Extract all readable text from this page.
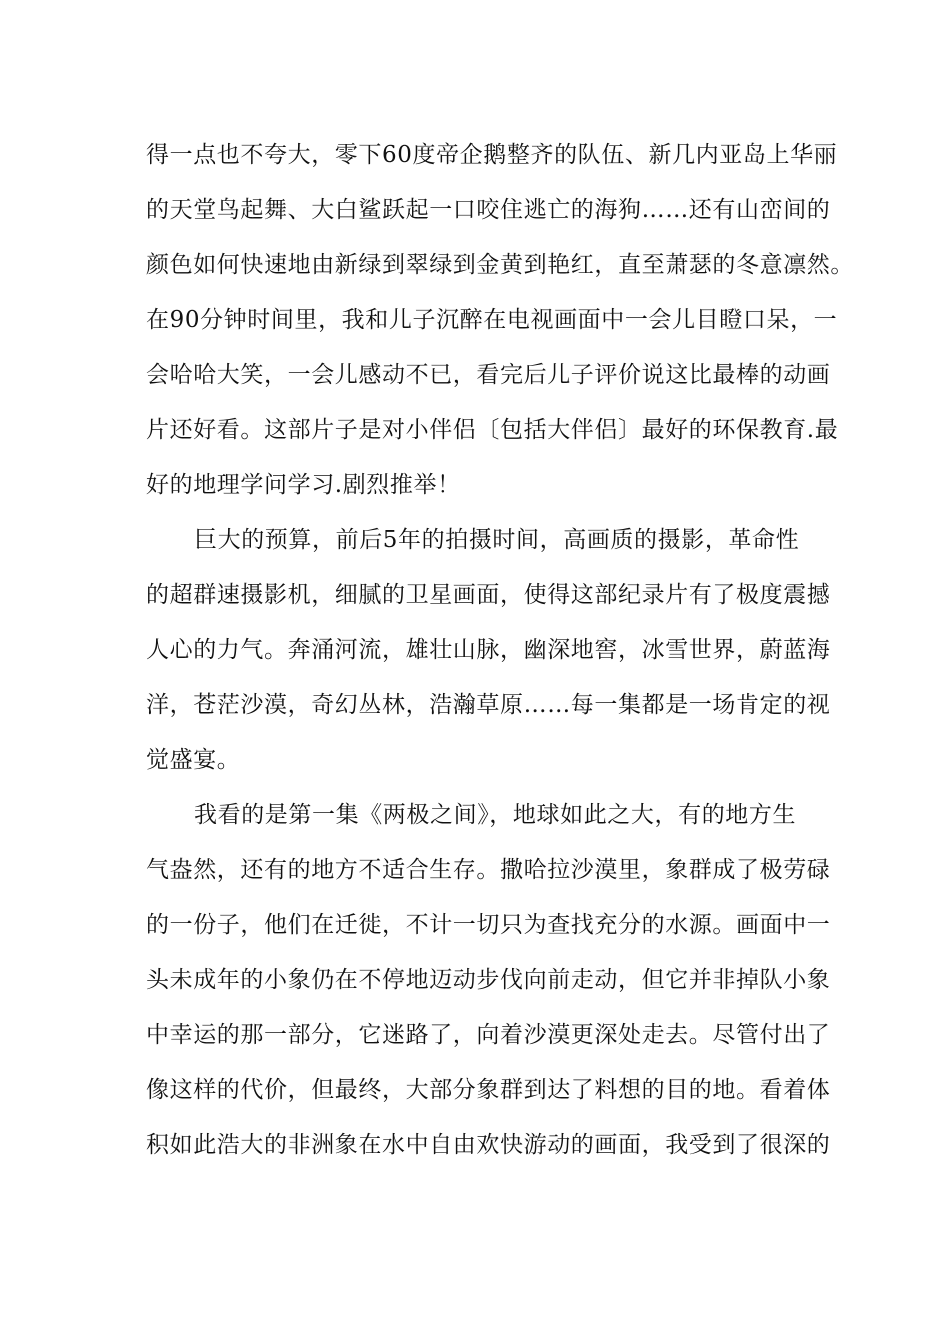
得一点也不夸大，零下60度帝企鹅整齐的队伍、新几内亚岛上华丽
的天堂鸟起舞、大白鲨跃起一口咬住逃亡的海狗……还有山峦间的
颜色如何快速地由新绿到翠绿到金黄到艳红，直至萧瑟的冬意凛然。
在90分钟时间里，我和儿子沉醉在电视画面中一会儿目瞪口呆，一
会哈哈大笑，一会儿感动不已，看完后儿子评价说这比最棒的动画
片还好看。这部片子是对小伴侣〔包括大伴侣〕最好的环保教育.最
好的地理学问学习.剧烈推举！
巨大的预算，前后5年的拍摄时间，高画质的摄影，革命性
的超群速摄影机，细腻的卫星画面，使得这部纪录片有了极度震撼
人心的力气。奔涌河流，雄壮山脉，幽深地窖，冰雪世界，蔚蓝海
洋，苍茫沙漠，奇幻丛林，浩瀚草原……每一集都是一场肯定的视
觉盛宴。
我看的是第一集《两极之间》，地球如此之大，有的地方生
气盎然，还有的地方不适合生存。撒哈拉沙漠里，象群成了极劳碌
的一份子，他们在迁徙，不计一切只为查找充分的水源。画面中一
头未成年的小象仍在不停地迈动步伐向前走动，但它并非掉队小象
中幸运的那一部分，它迷路了，向着沙漠更深处走去。尽管付出了
像这样的代价，但最终，大部分象群到达了料想的目的地。看着体
积如此浩大的非洲象在水中自由欢快游动的画面，我受到了很深的
